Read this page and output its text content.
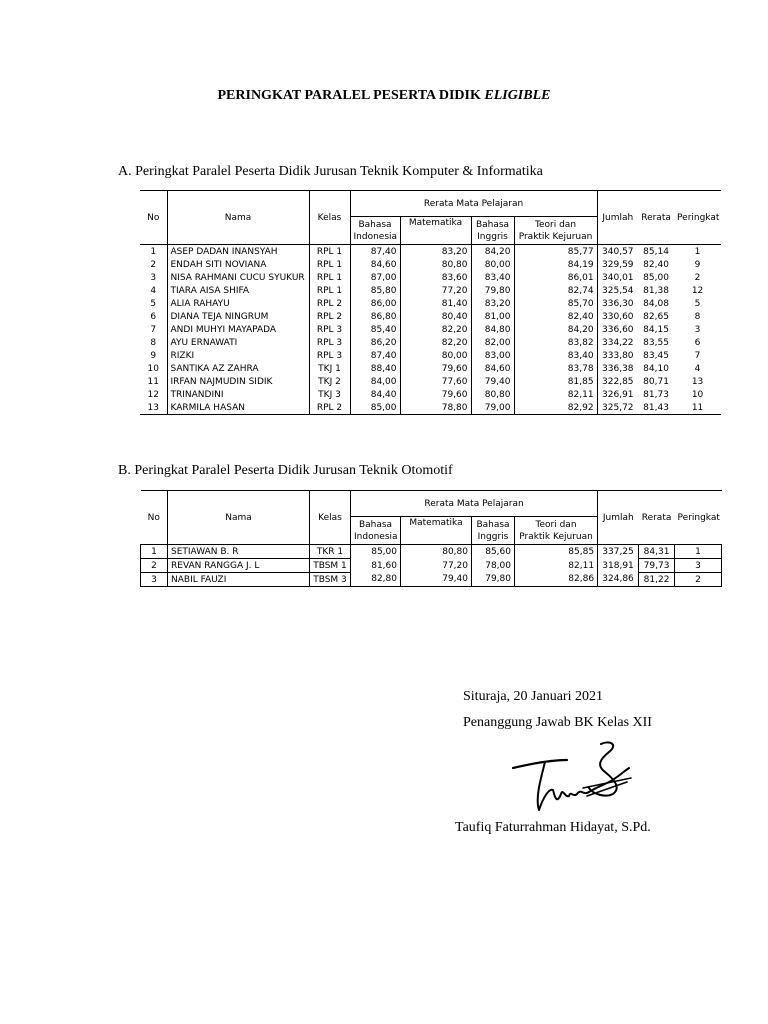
PERINGKAT PARALEL PESERTA DIDIK ELIGIBLE
A. Peringkat Paralel Peserta Didik Jurusan Teknik Komputer & Informatika
No	Nama	Kelas	Rerata Mata Pelajaran				Jumlah	Rerata	Peringkat
			Bahasa
Indonesia	Matematika	Bahasa
Inggris	Teori dan
Praktik Kejuruan			
1	ASEP DADAN INANSYAH	RPL 1	87,40	83,20	84,20	85,77	340,57	85,14	1
2	ENDAH SITI NOVIANA	RPL 1	84,60	80,80	80,00	84,19	329,59	82,40	9
3	NISA RAHMANI CUCU SYUKUR	RPL 1	87,00	83,60	83,40	86,01	340,01	85,00	2
4	TIARA AISA SHIFA	RPL 1	85,80	77,20	79,80	82,74	325,54	81,38	12
5	ALIA RAHAYU	RPL 2	86,00	81,40	83,20	85,70	336,30	84,08	5
6	DIANA TEJA NINGRUM	RPL 2	86,80	80,40	81,00	82,40	330,60	82,65	8
7	ANDI MUHYI MAYAPADA	RPL 3	85,40	82,20	84,80	84,20	336,60	84,15	3
8	AYU ERNAWATI	RPL 3	86,20	82,20	82,00	83,82	334,22	83,55	6
9	RIZKI	RPL 3	87,40	80,00	83,00	83,40	333,80	83,45	7
10	SANTIKA AZ ZAHRA	TKJ 1	88,40	79,60	84,60	83,78	336,38	84,10	4
11	IRFAN NAJMUDIN SIDIK	TKJ 2	84,00	77,60	79,40	81,85	322,85	80,71	13
12	TRINANDINI	TKJ 3	84,40	79,60	80,80	82,11	326,91	81,73	10
13	KARMILA HASAN	RPL 2	85,00	78,80	79,00	82,92	325,72	81,43	11
B. Peringkat Paralel Peserta Didik Jurusan Teknik Otomotif
No	Nama	Kelas	Rerata Mata Pelajaran				Jumlah	Rerata	Peringkat
			Bahasa
Indonesia	Matematika	Bahasa
Inggris	Teori dan
Praktik Kejuruan			
1	SETIAWAN B. R	TKR 1	85,00	80,80	85,60	85,85	337,25	84,31	1
2	REVAN RANGGA J. L	TBSM 1	81,60	77,20	78,00	82,11	318,91	79,73	3
3	NABIL FAUZI	TBSM 3	82,80	79,40	79,80	82,86	324,86	81,22	2
Situraja, 20 Januari 2021
Penanggung Jawab BK Kelas XII
Taufiq Faturrahman Hidayat, S.Pd.
